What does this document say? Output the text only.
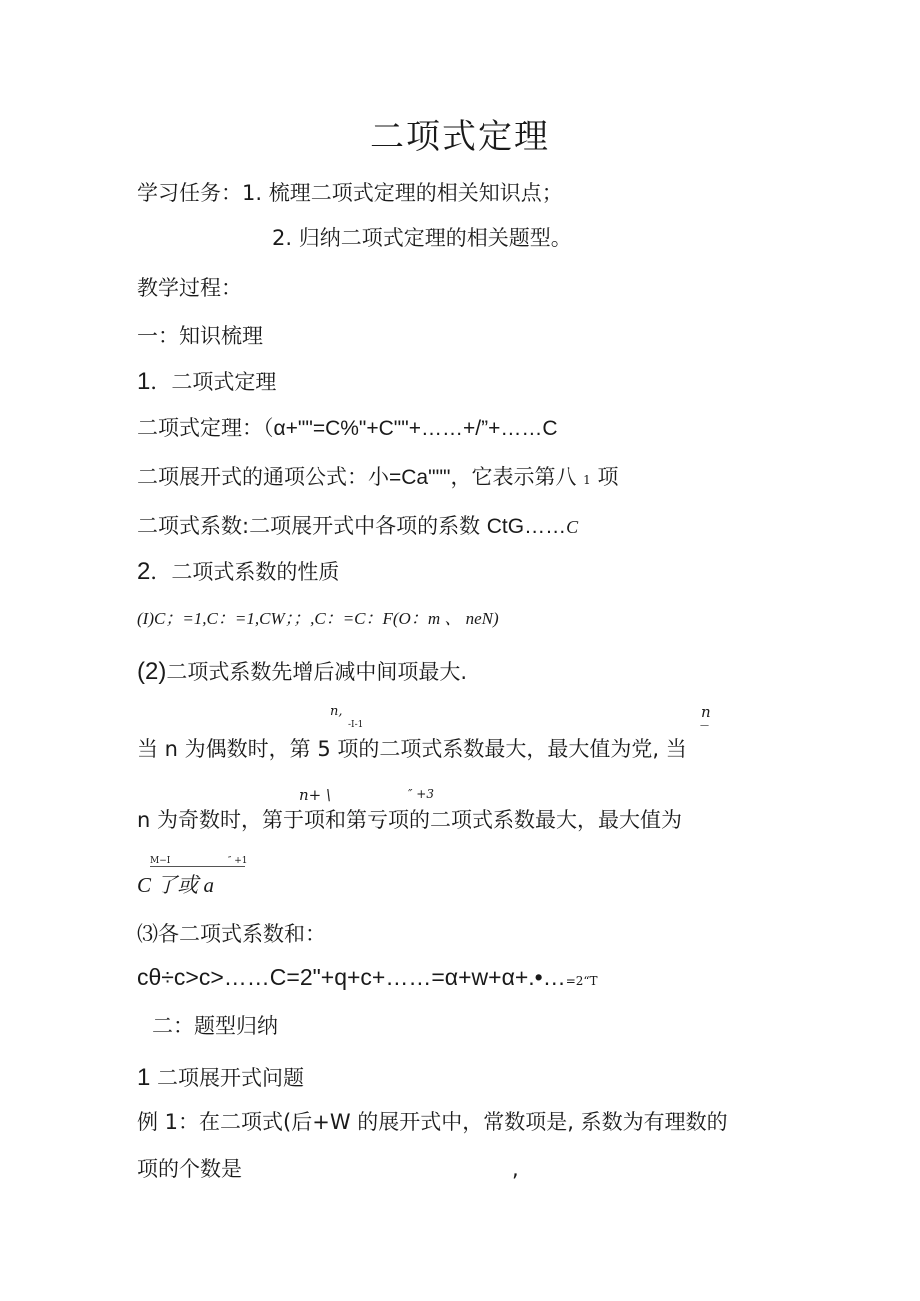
二项式定理
学习任务：1. 梳理二项式定理的相关知识点；
2. 归纳二项式定理的相关题型。
教学过程：
一：知识梳理
1．二项式定理
二项式定理：（α+""=C%"+C""+……+/”+……C
二项展开式的通项公式：小=Ca"""，它表示第八 1 项
二项式系数:二项展开式中各项的系数 CtG……C
2．二项式系数的性质
(I)C；=1,C：=1,CW；；,C：=C：F(O：m 、 neN)
(2)二项式系数先增后减中间项最大.
n,
-I-1
n
—
当 n 为偶数时，第 5 项的二项式系数最大，最大值为党, 当
n+ \	″ +3
n 为奇数时，第于项和第亏项的二项式系数最大，最大值为
M−I	″ +1
C 了或 a
⑶各二项式系数和：
cθ÷c>c>……C=2"+q+c+……=α+w+α+.•…=2“T
二：题型归纳
1 二项展开式问题
例 1：在二项式(后+W 的展开式中，常数项是, 系数为有理数的
项的个数是	,
